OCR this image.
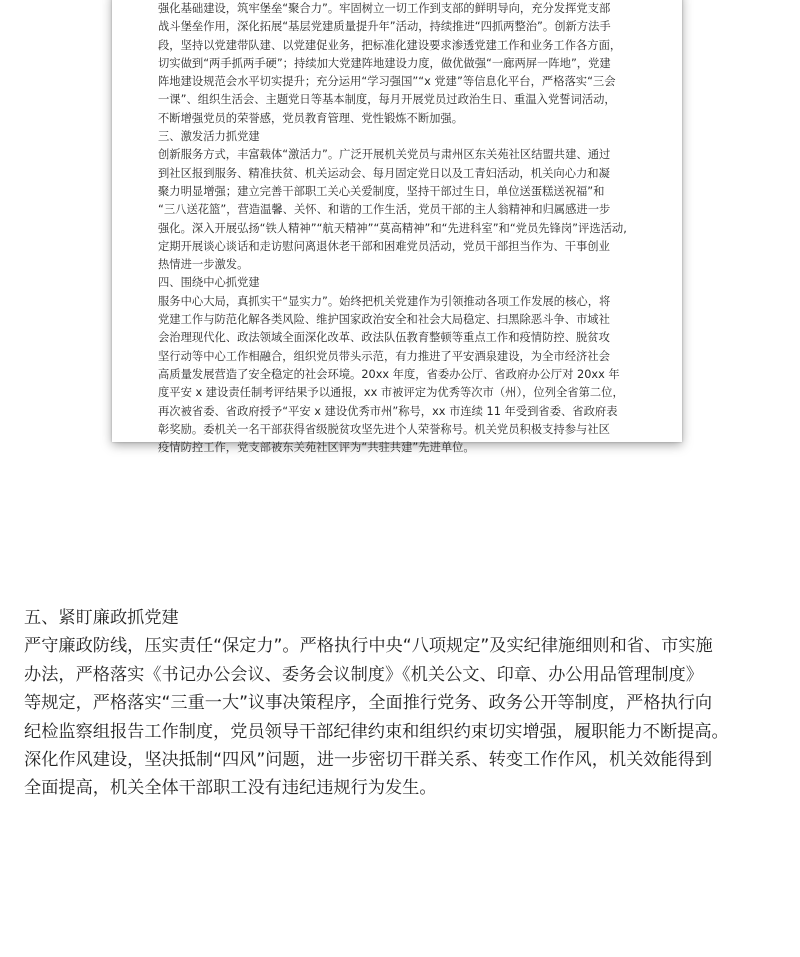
强化基础建设，筑牢堡垒“聚合力”。牢固树立一切工作到支部的鲜明导向，充分发挥党支部

战斗堡垒作用，深化拓展“基层党建质量提升年”活动，持续推进“四抓两整治”。创新方法手

段，坚持以党建带队建、以党建促业务，把标准化建设要求渗透党建工作和业务工作各方面，

切实做到“两手抓两手硬”；持续加大党建阵地建设力度，做优做强“一廊两屏一阵地”，党建

阵地建设规范会水平切实提升；充分运用“学习强国”“x 党建”等信息化平台，严格落实“三会

一课”、组织生活会、主题党日等基本制度，每月开展党员过政治生日、重温入党誓词活动，

不断增强党员的荣誉感，党员教育管理、党性锻炼不断加强。

三、激发活力抓党建

创新服务方式，丰富载体“激活力”。广泛开展机关党员与肃州区东关苑社区结盟共建、通过

到社区报到服务、精准扶贫、机关运动会、每月固定党日以及工青妇活动，机关向心力和凝

聚力明显增强；建立完善干部职工关心关爱制度，坚持干部过生日，单位送蛋糕送祝福”和

“三八送花篮”，营造温馨、关怀、和谐的工作生活，党员干部的主人翁精神和归属感进一步

强化。深入开展弘扬“铁人精神”“航天精神”“莫高精神”和“先进科室”和“党员先锋岗”评选活动,

定期开展谈心谈话和走访慰问离退休老干部和困难党员活动，党员干部担当作为、干事创业

热情进一步激发。

四、围绕中心抓党建

服务中心大局，真抓实干“显实力”。始终把机关党建作为引领推动各项工作发展的核心，将

党建工作与防范化解各类风险、维护国家政治安全和社会大局稳定、扫黑除恶斗争、市域社

会治理现代化、政法领域全面深化改革、政法队伍教育整顿等重点工作和疫情防控、脱贫攻

坚行动等中心工作相融合，组织党员带头示范，有力推进了平安酒泉建设，为全市经济社会

高质量发展营造了安全稳定的社会环境。20xx 年度，省委办公厅、省政府办公厅对 20xx 年

度平安 x 建设责任制考评结果予以通报，xx 市被评定为优秀等次市（州），位列全省第二位，

再次被省委、省政府授予“平安 x 建设优秀市州”称号，xx 市连续 11 年受到省委、省政府表

彰奖励。委机关一名干部获得省级脱贫攻坚先进个人荣誉称号。机关党员积极支持参与社区

疫情防控工作，党支部被东关苑社区评为“共驻共建”先进单位。

五、紧盯廉政抓党建

严守廉政防线，压实责任“保定力”。严格执行中央“八项规定”及实纪律施细则和省、市实施

办法，严格落实《书记办公会议、委务会议制度》《机关公文、印章、办公用品管理制度》

等规定，严格落实“三重一大”议事决策程序，全面推行党务、政务公开等制度，严格执行向

纪检监察组报告工作制度，党员领导干部纪律约束和组织约束切实增强，履职能力不断提高。

深化作风建设，坚决抵制“四风”问题，进一步密切干群关系、转变工作作风，机关效能得到

全面提高，机关全体干部职工没有违纪违规行为发生。
